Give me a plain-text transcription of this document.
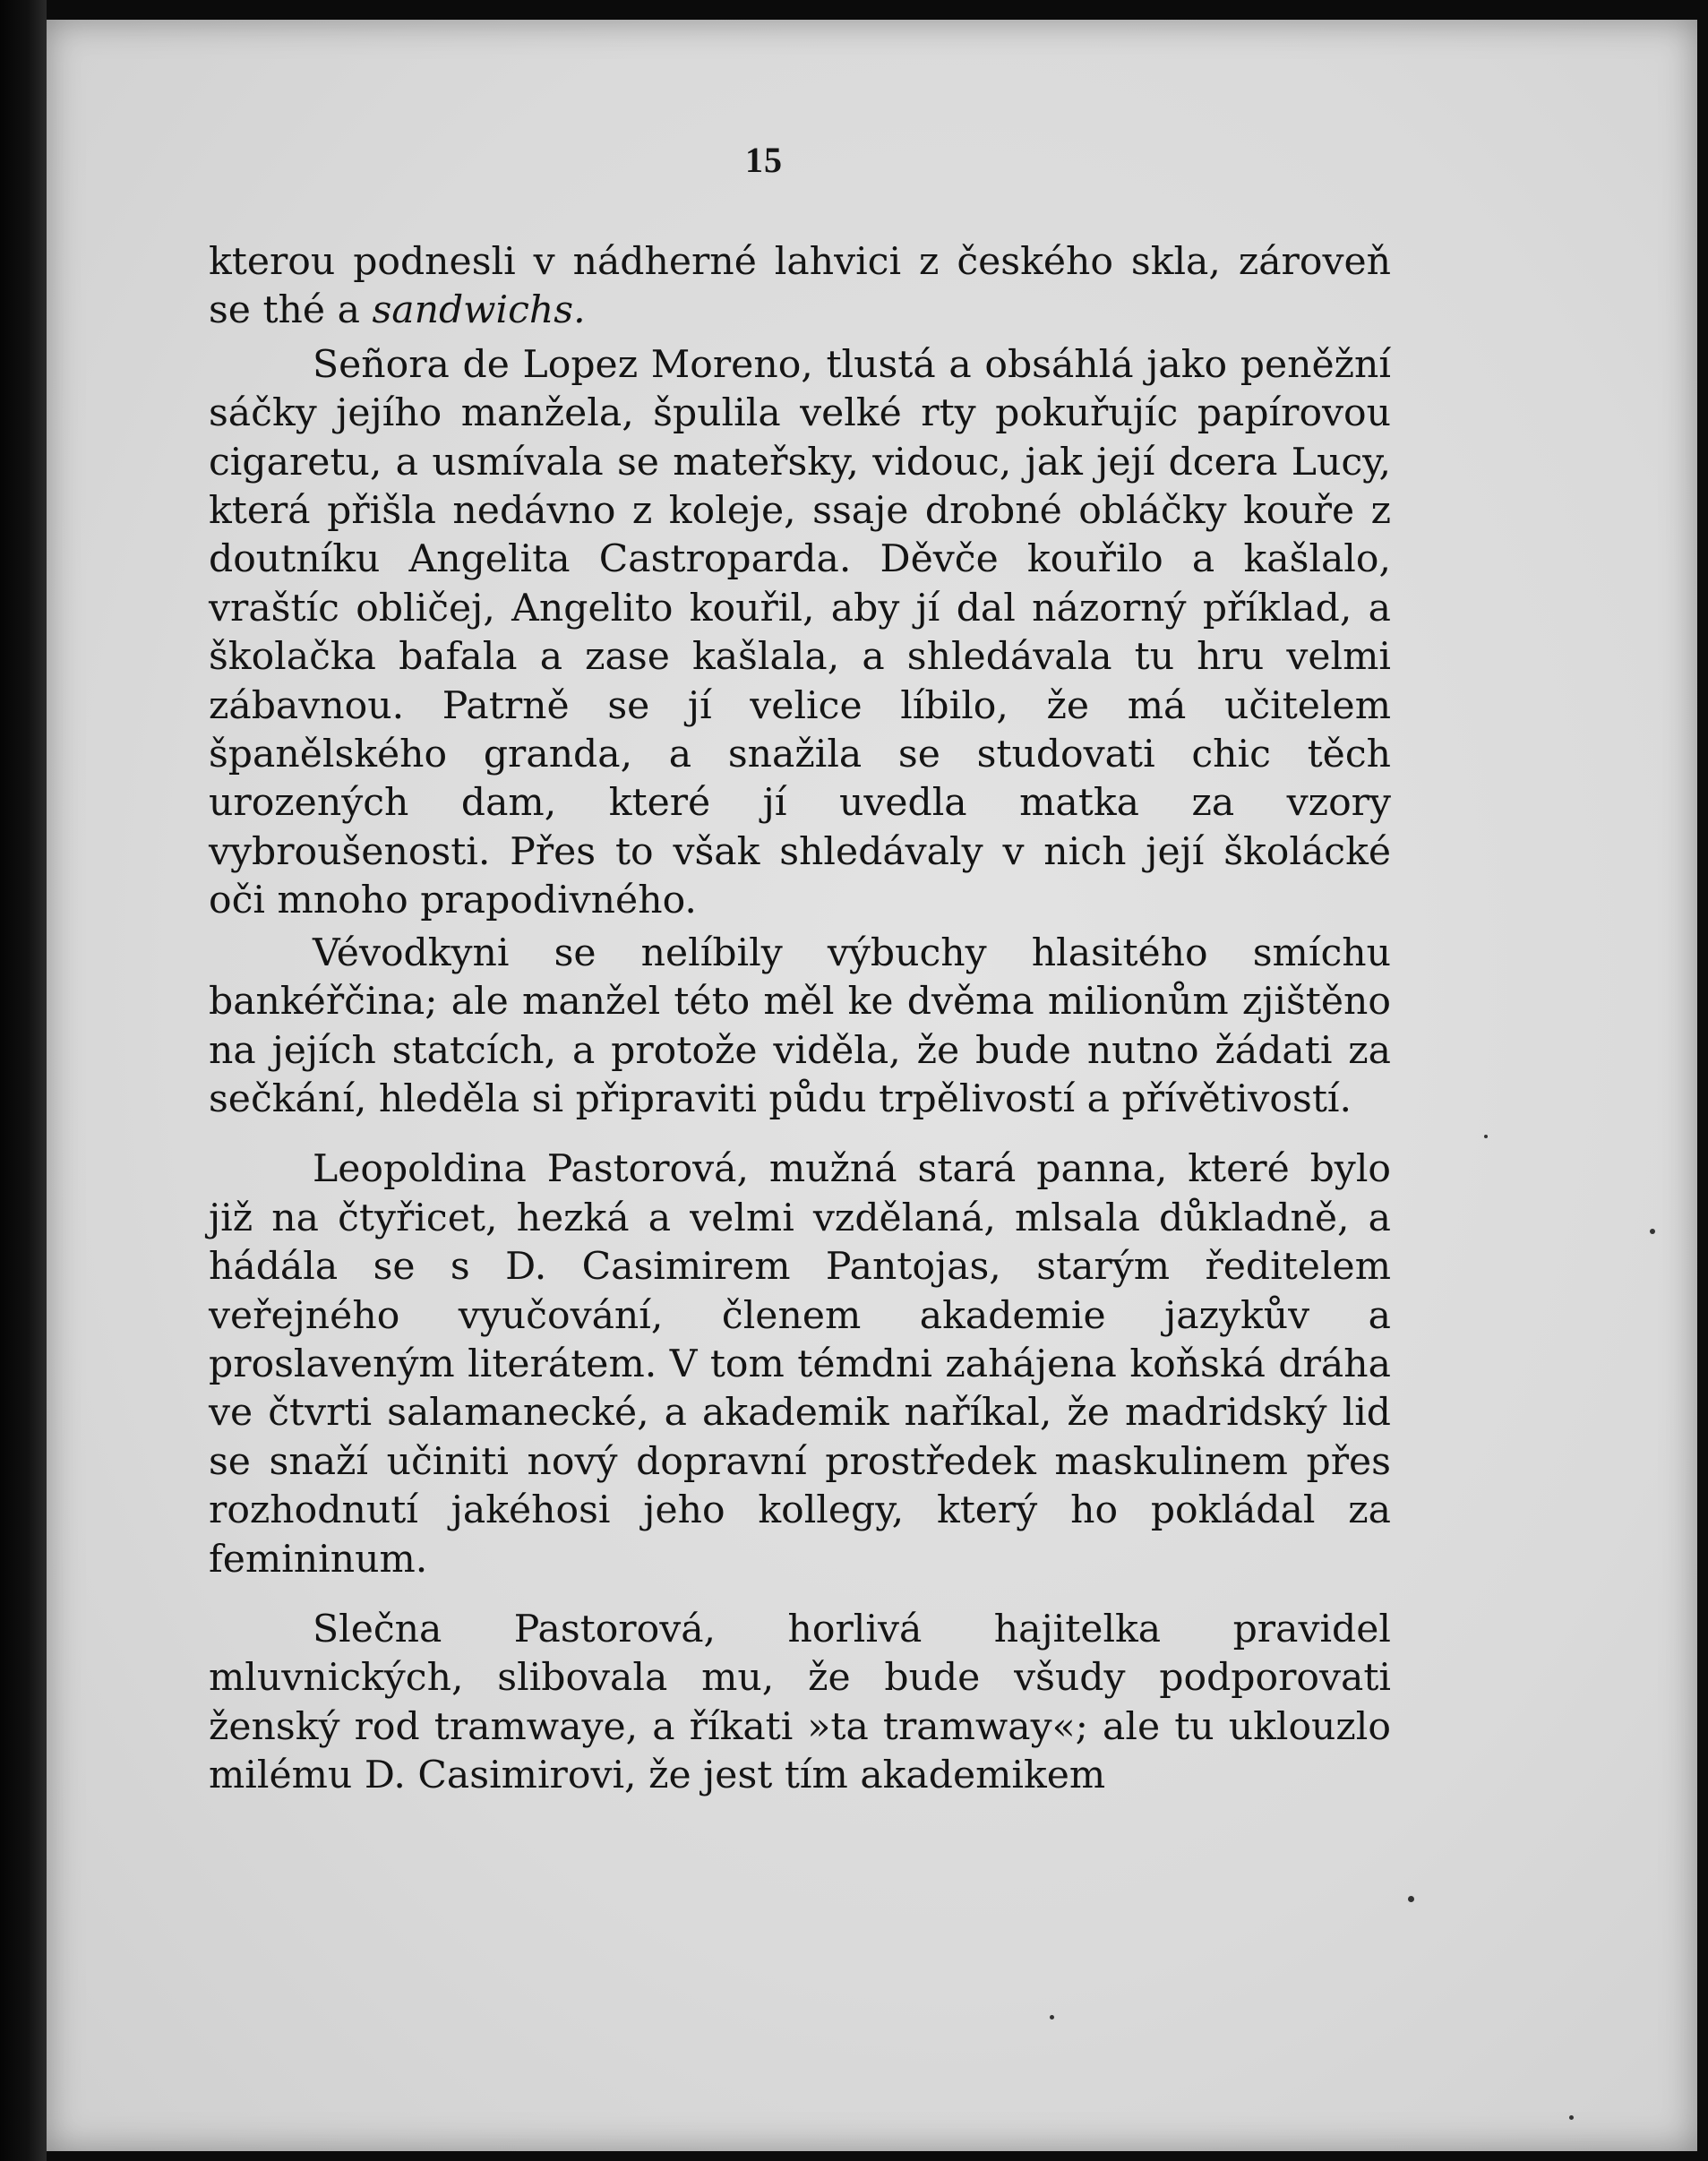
15

kterou podnesli v nádherné lahvici z českého skla, zároveň se thé a sandwichs.

Señora de Lopez Moreno, tlustá a obsáhlá jako peněžní sáčky jejího manžela, špulila velké rty pokuřujíc papírovou cigaretu, a usmívala se mateřsky, vidouc, jak její dcera Lucy, která přišla nedávno z koleje, ssaje drobné obláčky kouře z doutníku Angelita Castroparda. Děvče kouřilo a kašlalo, vraštíc obličej, Angelito kouřil, aby jí dal názorný příklad, a školačka bafala a zase kašlala, a shledávala tu hru velmi zábavnou. Patrně se jí velice líbilo, že má učitelem španělského granda, a snažila se studovati chic těch urozených dam, které jí uvedla matka za vzory vybroušenosti. Přes to však shledávaly v nich její školácké oči mnoho prapodivného.

Vévodkyni se nelíbily výbuchy hlasitého smíchu bankéřčina; ale manžel této měl ke dvěma milionům zjištěno na jejích statcích, a protože viděla, že bude nutno žádati za sečkání, hleděla si připraviti půdu trpělivostí a přívětivostí.

Leopoldina Pastorová, mužná stará panna, které bylo již na čtyřicet, hezká a velmi vzdělaná, mlsala důkladně, a hádála se s D. Casimirem Pantojas, starým ředitelem veřejného vyučování, členem akademie jazykův a proslaveným literátem. V tom témdni zahájena koňská dráha ve čtvrti salamanecké, a akademik naříkal, že madridský lid se snaží učiniti nový dopravní prostředek maskulinem přes rozhodnutí jakéhosi jeho kollegy, který ho pokládal za femininum.

Slečna Pastorová, horlivá hajitelka pravidel mluvnických, slibovala mu, že bude všudy podporovati ženský rod tramwaye, a říkati »ta tramway«; ale tu uklouzlo milému D. Casimirovi, že jest tím akademikem
